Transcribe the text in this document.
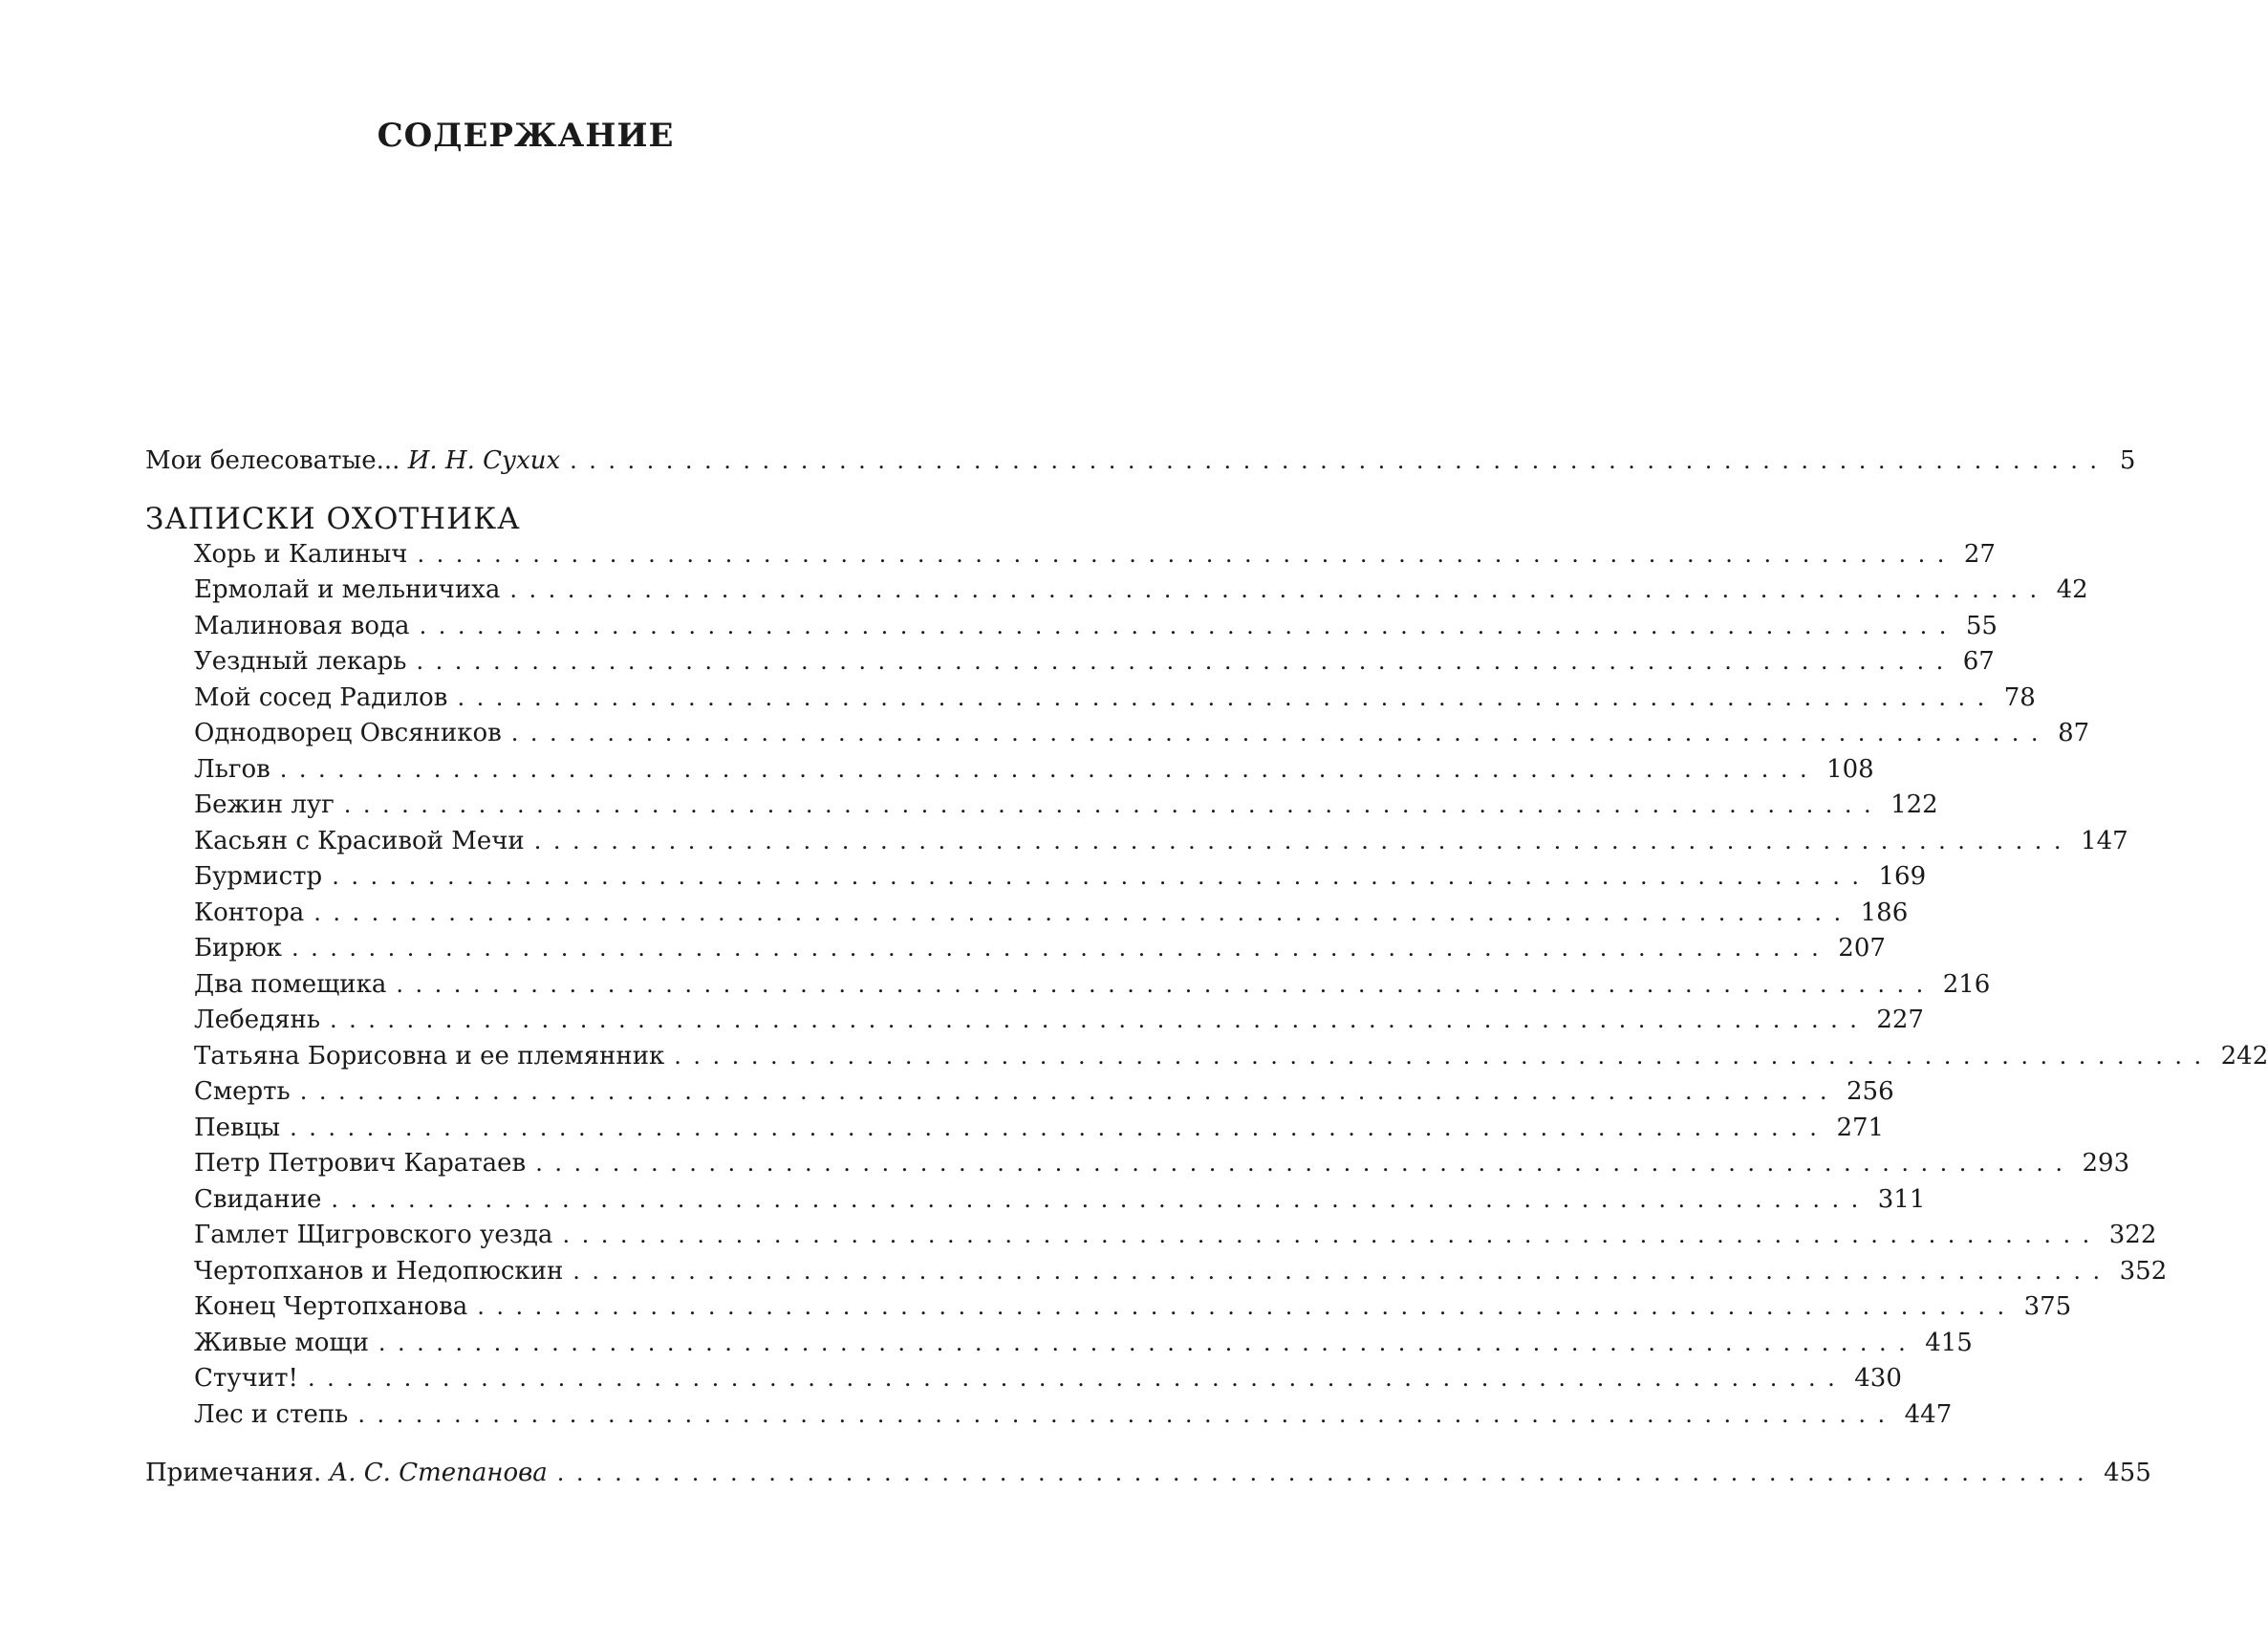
СОДЕРЖАНИЕ
Мои белесоватые... И. Н. Сухих ................................................................................ 5
ЗАПИСКИ ОХОТНИКА
Хорь и Калиныч ................................................................................ 27
Ермолай и мельничиха ................................................................................ 42
Малиновая вода ................................................................................ 55
Уездный лекарь ................................................................................ 67
Мой сосед Радилов ................................................................................ 78
Однодворец Овсяников ................................................................................ 87
Льгов ................................................................................ 108
Бежин луг ................................................................................ 122
Касьян с Красивой Мечи ................................................................................ 147
Бурмистр ................................................................................ 169
Контора ................................................................................ 186
Бирюк ................................................................................ 207
Два помещика ................................................................................ 216
Лебедянь ................................................................................ 227
Татьяна Борисовна и ее племянник ................................................................................ 242
Смерть ................................................................................ 256
Певцы ................................................................................ 271
Петр Петрович Каратаев ................................................................................ 293
Свидание ................................................................................ 311
Гамлет Щигровского уезда ................................................................................ 322
Чертопханов и Недопюскин ................................................................................ 352
Конец Чертопханова ................................................................................ 375
Живые мощи ................................................................................ 415
Стучит! ................................................................................ 430
Лес и степь ................................................................................ 447
Примечания. А. С. Степанова ................................................................................ 455
